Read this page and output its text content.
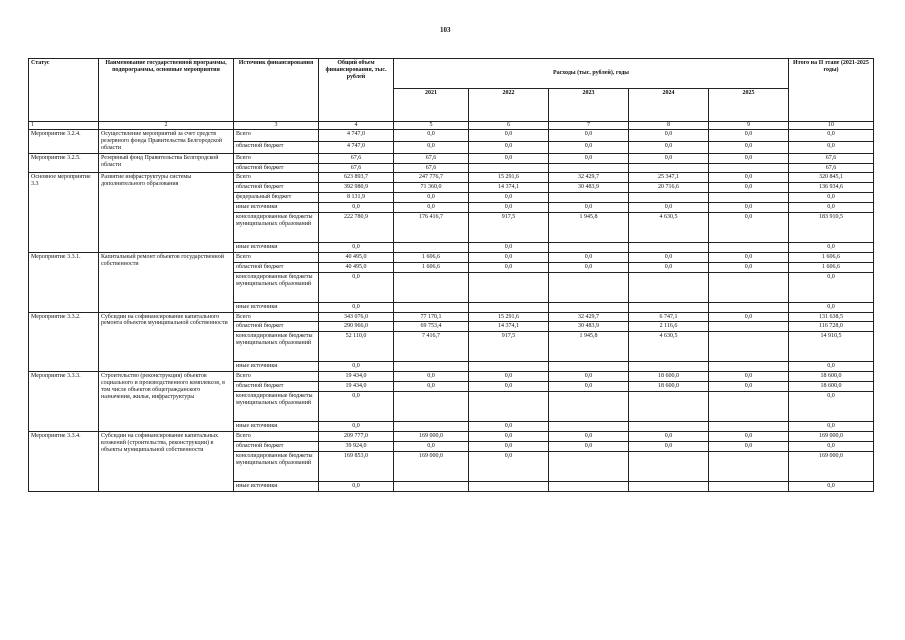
103
Статус	Наименование государственной программы, подпрограммы, основные мероприятия	Источник финансирования	Общий объем финансирования, тыс. рублей	Расходы (тыс. рублей), годы					Итого на II этапе (2021-2025 годы)
				2021	2022	2023	2024	2025	
1	2	3	4	5	6	7	8	9	10
Мероприятие 3.2.4.	Осуществление мероприятий за счет средств резервного фонда Правительства Белгородской области	Всего	4 747,0	0,0	0,0	0,0	0,0	0,0	0,0
		областной бюджет	4 747,0	0,0	0,0	0,0	0,0	0,0	0,0
Мероприятие 3.2.5.	Резервный фонд Правительства Белгородской области	Всего	67,6	67,6	0,0	0,0	0,0	0,0	67,6
		областной бюджет	67,6	67,6					67,6
Основное мероприятие 3.3	Развитие инфраструктуры системы дополнительного образования	Всего	623 893,7	247 776,7	15 291,6	32 429,7	25 347,1	0,0	320 845,1
		областной бюджет	392 980,9	71 360,0	14 374,1	30 483,9	20 716,6	0,0	136 934,6
		федеральный бюджет	8 131,9	0,0	0,0				0,0
		иные источники	0,0	0,0	0,0	0,0	0,0	0,0	0,0
		консолидированные бюджеты муниципальных образований	222 780,9	176 416,7	917,5	1 945,8	4 630,5	0,0	183 910,5
		иные источники	0,0		0,0				0,0
Мероприятие 3.3.1.	Капитальный ремонт объектов государственной собственности	Всего	40 495,0	1 606,6	0,0	0,0	0,0	0,0	1 606,6
		областной бюджет	40 495,0	1 606,6	0,0	0,0	0,0	0,0	1 606,6
		консолидированные бюджеты муниципальных образований	0,0						0,0
		иные источники	0,0						0,0
Мероприятие 3.3.2.	Субсидии на софинансирование капитального ремонта объектов муниципальной собственности	Всего	343 076,0	77 170,1	15 291,6	32 429,7	6 747,1	0,0	131 638,5
		областной бюджет	290 966,0	69 753,4	14 374,1	30 483,9	2 116,6		116 728,0
		консолидированные бюджеты муниципальных образований	52 110,0	7 416,7	917,5	1 945,8	4 630,5		14 910,5
		иные источники	0,0						0,0
Мероприятие 3.3.3.	Строительство (реконструкция) объектов социального и производственного комплексов, в том числе объектов общегражданского назначения, жилья, инфраструктуры	Всего	19 434,0	0,0	0,0	0,0	18 600,0	0,0	18 600,0
		областной бюджет	19 434,0	0,0	0,0	0,0	18 600,0	0,0	18 600,0
		консолидированные бюджеты муниципальных образований	0,0						0,0
		иные источники	0,0		0,0				0,0
Мероприятие 3.3.4.	Субсидии на софинансирование капитальных вложений (строительства, реконструкции) в объекты муниципальной собственности	Всего	209 777,0	169 000,0	0,0	0,0	0,0	0,0	169 000,0
		областной бюджет	39 924,0	0,0	0,0	0,0	0,0	0,0	0,0
		консолидированные бюджеты муниципальных образований	169 853,0	169 000,0	0,0				169 000,0
		иные источники	0,0						0,0
